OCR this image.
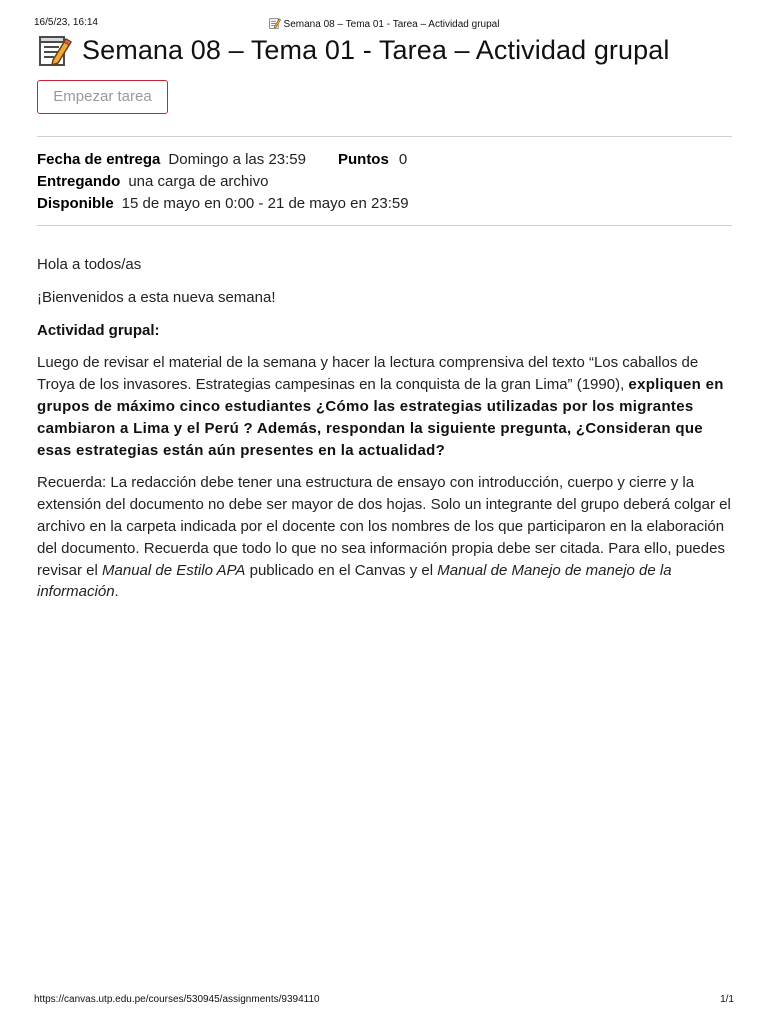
16/5/23, 16:14	Semana 08 – Tema 01 - Tarea – Actividad grupal
Semana 08 – Tema 01 - Tarea – Actividad grupal
Empezar tarea
Fecha de entrega Domingo a las 23:59 Puntos 0
Entregando una carga de archivo
Disponible 15 de mayo en 0:00 - 21 de mayo en 23:59

Hola a todos/as

¡Bienvenidos a esta nueva semana!

Actividad grupal:

Luego de revisar el material de la semana y hacer la lectura comprensiva del texto “Los caballos de Troya de los invasores. Estrategias campesinas en la conquista de la gran Lima” (1990), expliquen en grupos de máximo cinco estudiantes ¿Cómo las estrategias utilizadas por los migrantes cambiaron a Lima y el Perú ? Además, respondan la siguiente pregunta, ¿Consideran que esas estrategias están aún presentes en la actualidad?

Recuerda: La redacción debe tener una estructura de ensayo con introducción, cuerpo y cierre y la extensión del documento no debe ser mayor de dos hojas. Solo un integrante del grupo deberá colgar el archivo en la carpeta indicada por el docente con los nombres de los que participaron en la elaboración del documento. Recuerda que todo lo que no sea información propia debe ser citada. Para ello, puedes revisar el Manual de Estilo APA publicado en el Canvas y el Manual de Manejo de manejo de la información.

https://canvas.utp.edu.pe/courses/530945/assignments/9394110	1/1
